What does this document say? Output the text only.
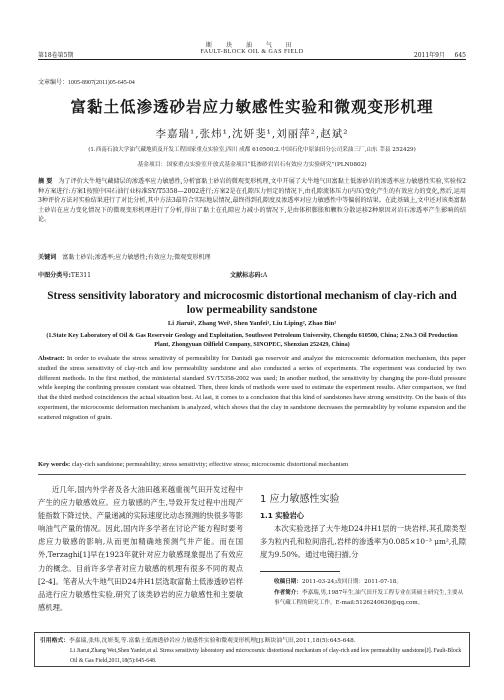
断 块 油 气 田
FAULT-BLOCK OIL & GAS FIELD
第18卷第5期	2011年9月 645
文章编号：1005-8907(2011)05-645-04
富黏土低渗透砂岩应力敏感性实验和微观变形机理
李嘉瑞¹,张炜¹,沈妍斐¹,刘丽萍²,赵斌²
(1.西南石油大学油气藏地质及开发工程国家重点实验室,四川 成都 610500;2.中国石化中原油田分公司采油三厂,山东 莘县 252429)
基金项目：国家重点实验室开放式基金项目“低渗砂岩岩石有效应力实验研究”(PLN0802)
摘 要 为了评价大牛地气藏储层的渗透率应力敏感性,分析富黏土砂岩的微观变形机理,文中开展了大牛地气田富黏土低渗砂岩的渗透率应力敏感性实验,实验按2种方案进行:方案1按照中国石油行业标准SY/T5358—2002进行;方案2是在孔隙压力恒定的情况下,由孔隙流体压力(内压)变化产生的有效应力的变化,然后,运用3种评价方法对实验结果进行了对比分析,其中方法3最符合实际地层情况,最终得到孔隙度及渗透率对应力敏感性中等偏弱的结果。在此基础上,文中还对该类富黏土砂岩在应力变化情况下的微观变形机理进行了分析,得出了黏土在孔隙应力减小的情况下,是由体积膨胀和颗粒分散运移2种原因对岩石渗透率产生影响的结论。
关键词 富黏土砂岩;渗透率;应力敏感性;有效应力;微观变形机理
中图分类号:TE311	文献标志码:A
Stress sensitivity laboratory and microcosmic distortional mechanism of clay-rich and low permeability sandstone
Li Jiarui¹, Zhang Wei¹, Shen Yanfei¹, Liu Liping², Zhao Bin²
(1.State Key Laboratory of Oil & Gas Reservoir Geology and Exploitation, Southwest Petroleum University, Chengdu 610500, China; 2.No.3 Oil Production Plant, Zhongyuan Oilfield Company, SINOPEC, Shenxian 252429, China)
Abstract: In order to evaluate the stress sensitivity of permeability for Daniudi gas reservoir and analyze the microcosmic deformation mechanism, this paper studied the stress sensitivity of clay-rich and low permeability sandstone and also conducted a series of experiments. The experiment was conducted by two different methods. In the first method, the ministerial standard SY/T5358-2002 was used; In another method, the sensitivity by changing the pore-fluid pressure while keeping the confining pressure constant was obtained. Then, three kinds of methods were used to estimate the experiment results. After comparison, we find that the third method coincidences the actual situation best. At last, it comes to a conclusion that this kind of sandstones have strong sensitivity. On the basis of this experiment, the microcosmic deformation mechanism is analyzed, which shows that the clay in sandstone decreases the permeability by volume expansion and the scattered migration of grain.
Key words: clay-rich sandstone; permeability; stress sensitivity; effective stress; microcosmic distortional mechanism
近几年,国内外学者及各大油田越来越重视气田开发过程中产生的应力敏感效应。应力敏感的产生,导致开发过程中出现产能指数下降过快、产量递减的实际速度比动态预测的快很多等影响油气产量的情况。因此,国内许多学者在讨论产能方程时要考虑应力敏感的影响,从而更加精确地预测气井产能。而在国外,Terzaghi[1]早在1923年就针对应力敏感现象提出了有效应力的概念。目前许多学者对应力敏感的机理有很多不同的观点[2-4]。笔者从大牛地气田D24井H1层选取富黏土低渗透砂岩样品进行应力敏感性实验,研究了该类砂岩的应力敏感性和主要敏感机理。
1 应力敏感性实验
1.1 实验岩心
本次实验选择了大牛地D24井H1层的一块岩样,其孔隙类型多为粒内孔和粒间溶孔,岩样的渗透率为0.085×10⁻³ μm²,孔隙度为9.50%。通过电镜扫描,分
收稿日期：2011-03-24;改回日期：2011-07-18。
作者简介：李嘉瑞,男,1987年生,油气田开发工程专业在读硕士研究生,主要从事气藏工程的研究工作。E-mail:5126240636@qq.com。
引用格式：李嘉瑞,张炜,沈妍斐,等.富黏土低渗透砂岩应力敏感性实验和微观变形机理[J].断块油气田,2011,18(5):645-648.
Li Jiarui,Zhang Wei,Shen Yanfei,et al. Stress sensitivity laboratory and microcosmic distortional mechanism of clay-rich and low permeability sandstone[J]. Fault-Block Oil & Gas Field,2011,18(5):645-648.
